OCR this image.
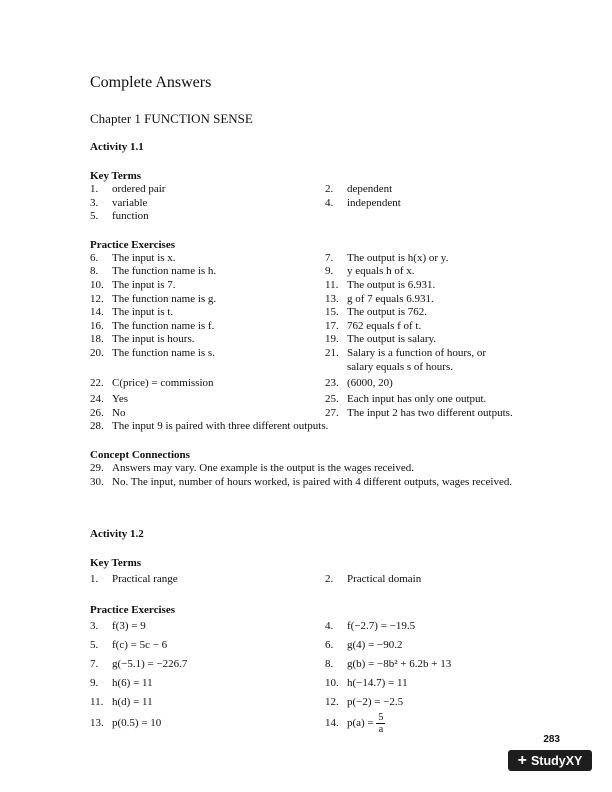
Complete Answers
Chapter 1 FUNCTION SENSE
Activity 1.1
Key Terms
1.	ordered pair	2.	dependent
3.	variable	4.	independent
5.	function
Practice Exercises
6.	The input is x.	7.	The output is h(x) or y.
8.	The function name is h.	9.	y equals h of x.
10. The input is 7.	11. The output is 6.931.
12. The function name is g.	13. g of 7 equals 6.931.
14. The input is t.	15. The output is 762.
16. The function name is f.	17. 762 equals f of t.
18. The input is hours.	19. The output is salary.
20. The function name is s.	21. Salary is a function of hours, or
salary equals s of hours.
22. C(price) = commission	23. (6000, 20)
24. Yes	25. Each input has only one output.
26. No	27. The input 2 has two different outputs.
28. The input 9 is paired with three different outputs.
Concept Connections
29. Answers may vary. One example is the output is the wages received.
30. No. The input, number of hours worked, is paired with 4 different outputs, wages received.
Activity 1.2
Key Terms
1.	Practical range	2.	Practical domain
Practice Exercises
3.	f(3) = 9	4.	f(−2.7) = −19.5
5.	f(c) = 5c − 6	6.	g(4) = −90.2
7.	g(−5.1) = −226.7	8.	g(b) = −8b² + 6.2b + 13
9.	h(6) = 11	10. h(−14.7) = 11
11. h(d) = 11	12. p(−2) = −2.5
13. p(0.5) = 10	14. $p(a) = \frac{5}{a}$
283
+ StudyXY
